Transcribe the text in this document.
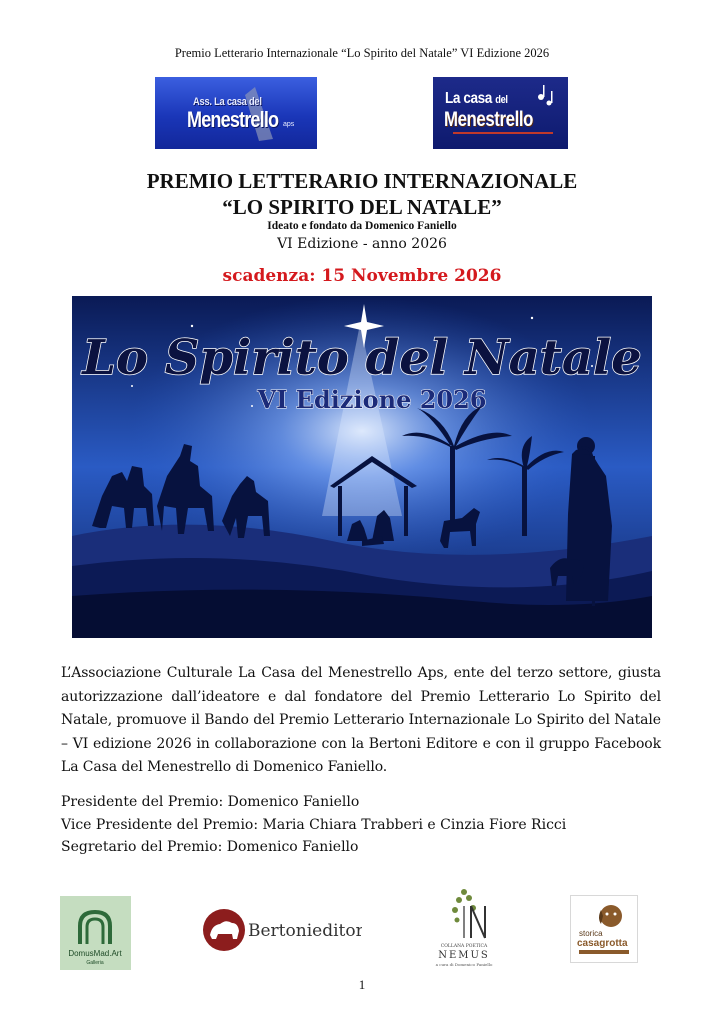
Premio Letterario Internazionale “Lo Spirito del Natale” VI Edizione 2026
Ass. La casa del
Menestrello aps
La casa del
Menestrello
PREMIO LETTERARIO INTERNAZIONALE
“LO SPIRITO DEL NATALE”
Ideato e fondato da Domenico Faniello
VI Edizione - anno 2026
scadenza: 15 Novembre 2026
Lo Spirito del Natale
VI Edizione 2026
L’Associazione Culturale La Casa del Menestrello Aps, ente del terzo settore, giusta autorizzazione dall’ideatore e dal fondatore del Premio Letterario Lo Spirito del Natale, promuove il Bando del Premio Letterario Internazionale Lo Spirito del Natale – VI edizione 2026 in collaborazione con la Bertoni Editore e con il gruppo Facebook La Casa del Menestrello di Domenico Faniello.
Presidente del Premio: Domenico Faniello
Vice Presidente del Premio: Maria Chiara Trabberi e Cinzia Fiore Ricci
Segretario del Premio: Domenico Faniello
DomusMad.Art
Galleria
Bertonieditore
COLLANA POETICA
NEMUS
a cura di Domenico Faniello
storica
casagrotta
1
